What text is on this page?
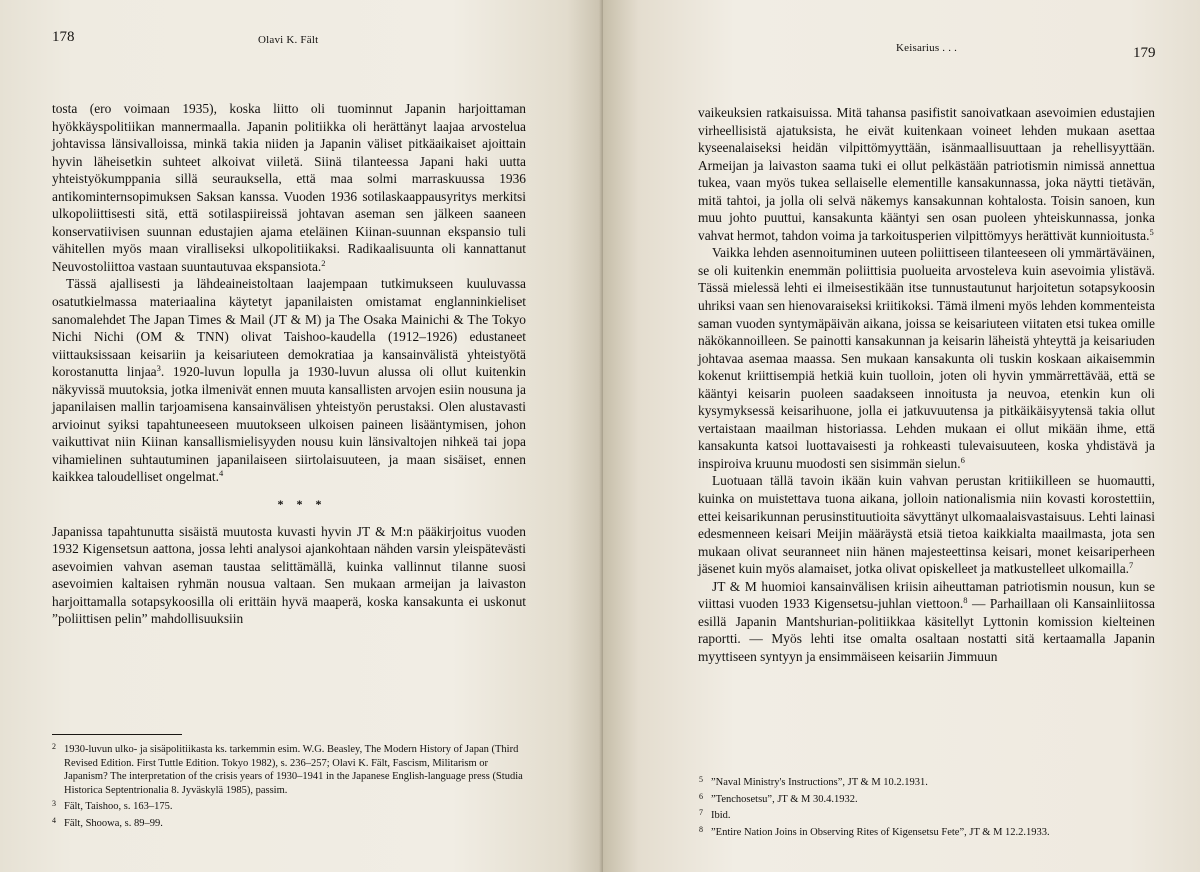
178	Olavi K. Fält

tosta (ero voimaan 1935), koska liitto oli tuominnut Japanin harjoittaman hyökkäyspolitiikan mannermaalla. Japanin politiikka oli herättänyt laajaa arvostelua johtavissa länsivalloissa, minkä takia niiden ja Japanin väliset pitkäaikaiset ajoittain hyvin läheisetkin suhteet alkoivat viiletä. Siinä tilanteessa Japani haki uutta yhteistyökumppania sillä seurauksella, että maa solmi marraskuussa 1936 antikominternsopimuksen Saksan kanssa. Vuoden 1936 sotilaskaappausyritys merkitsi ulkopoliittisesti sitä, että sotilaspiireissä johtavan aseman sen jälkeen saaneen konservatiivisen suunnan edustajien ajama eteläinen Kiinan-suunnan ekspansio tuli vähitellen myös maan viralliseksi ulkopolitiikaksi. Radikaalisuunta oli kannattanut Neuvostoliittoa vastaan suuntautuvaa ekspansiota.$^2$

Tässä ajallisesti ja lähdeaineistoltaan laajempaan tutkimukseen kuuluvassa osatutkielmassa materiaalina käytetyt japanilaisten omistamat englanninkieliset sanomalehdet The Japan Times & Mail (JT & M) ja The Osaka Mainichi & The Tokyo Nichi Nichi (OM & TNN) olivat Taishoo-kaudella (1912–1926) edustaneet viittauksissaan keisariin ja keisariuteen demokratiaa ja kansainvälistä yhteistyötä korostanutta linjaa$^3$. 1920-luvun lopulla ja 1930-luvun alussa oli ollut kuitenkin näkyvissä muutoksia, jotka ilmenivät ennen muuta kansallisten arvojen esiin nousuna ja japanilaisen mallin tarjoamisena kansainvälisen yhteistyön perustaksi. Olen alustavasti arvioinut syiksi tapahtuneeseen muutokseen ulkoisen paineen lisääntymisen, johon vaikuttivat niin Kiinan kansallismielisyyden nousu kuin länsivaltojen nihkeä tai jopa vihamielinen suhtautuminen japanilaiseen siirtolaisuuteen, ja maan sisäiset, ennen kaikkea taloudelliset ongelmat.$^4$

* * *

Japanissa tapahtunutta sisäistä muutosta kuvasti hyvin JT & M:n pääkirjoitus vuoden 1932 Kigensetsun aattona, jossa lehti analysoi ajankohtaan nähden varsin yleispätevästi asevoimien vahvan aseman taustaa selittämällä, kuinka vallinnut tilanne suosi asevoimien kaltaisen ryhmän nousua valtaan. Sen mukaan armeijan ja laivaston harjoittamalla sotapsykoosilla oli erittäin hyvä maaperä, koska kansakunta ei uskonut ”poliittisen pelin” mahdollisuuksiin

2 1930-luvun ulko- ja sisäpolitiikasta ks. tarkemmin esim. W.G. Beasley, The Modern History of Japan (Third Revised Edition. First Tuttle Edition. Tokyo 1982), s. 236–257; Olavi K. Fält, Fascism, Militarism or Japanism? The interpretation of the crisis years of 1930–1941 in the Japanese English-language press (Studia Historica Septentrionalia 8. Jyväskylä 1985), passim.

3 Fält, Taishoo, s. 163–175.

4 Fält, Shoowa, s. 89–99.

Keisarius . . .	179

vaikeuksien ratkaisuissa. Mitä tahansa pasifistit sanoivatkaan asevoimien edustajien virheellisistä ajatuksista, he eivät kuitenkaan voineet lehden mukaan asettaa kyseenalaiseksi heidän vilpittömyyttään, isänmaallisuuttaan ja rehellisyyttään. Armeijan ja laivaston saama tuki ei ollut pelkästään patriotismin nimissä annettua tukea, vaan myös tukea sellaiselle elementille kansakunnassa, joka näytti tietävän, mitä tahtoi, ja jolla oli selvä näkemys kansakunnan kohtalosta. Toisin sanoen, kun muu johto puuttui, kansakunta kääntyi sen osan puoleen yhteiskunnassa, jonka vahvat hermot, tahdon voima ja tarkoitusperien vilpittömyys herättivät kunnioitusta.$^5$

Vaikka lehden asennoituminen uuteen poliittiseen tilanteeseen oli ymmärtäväinen, se oli kuitenkin enemmän poliittisia puolueita arvosteleva kuin asevoimia ylistävä. Tässä mielessä lehti ei ilmeisestikään itse tunnustautunut harjoitetun sotapsykoosin uhriksi vaan sen hienovaraiseksi kriitikoksi. Tämä ilmeni myös lehden kommenteista saman vuoden syntymäpäivän aikana, joissa se keisariuteen viitaten etsi tukea omille näkökannoilleen. Se painotti kansakunnan ja keisarin läheistä yhteyttä ja keisariuden johtavaa asemaa maassa. Sen mukaan kansakunta oli tuskin koskaan aikaisemmin kokenut kriittisempiä hetkiä kuin tuolloin, joten oli hyvin ymmärrettävää, että se kääntyi keisarin puoleen saadakseen innoitusta ja neuvoa, etenkin kun oli kysymyksessä keisarihuone, jolla ei jatkuvuutensa ja pitkäikäisyytensä takia ollut vertaistaan maailman historiassa. Lehden mukaan ei ollut mikään ihme, että kansakunta katsoi luottavaisesti ja rohkeasti tulevaisuuteen, koska yhdistävä ja inspiroiva kruunu muodosti sen sisimmän sielun.$^6$

Luotuaan tällä tavoin ikään kuin vahvan perustan kritiikilleen se huomautti, kuinka on muistettava tuona aikana, jolloin nationalismia niin kovasti korostettiin, ettei keisarikunnan perusinstituutioita sävyttänyt ulkomaalaisvastaisuus. Lehti lainasi edesmenneen keisari Meijin määräystä etsiä tietoa kaikkialta maailmasta, jota sen mukaan olivat seuranneet niin hänen majesteettinsa keisari, monet keisariperheen jäsenet kuin myös alamaiset, jotka olivat opiskelleet ja matkustelleet ulkomailla.$^7$

JT & M huomioi kansainvälisen kriisin aiheuttaman patriotismin nousun, kun se viittasi vuoden 1933 Kigensetsu-juhlan viettoon.$^8$ — Parhaillaan oli Kansainliitossa esillä Japanin Mantshurian-politiikkaa käsitellyt Lyttonin komission kielteinen raportti. — Myös lehti itse omalta osaltaan nostatti sitä kertaamalla Japanin myyttiseen syntyyn ja ensimmäiseen keisariin Jimmuun

5 ”Naval Ministry's Instructions”, JT & M 10.2.1931.

6 ”Tenchosetsu”, JT & M 30.4.1932.

7 Ibid.

8 ”Entire Nation Joins in Observing Rites of Kigensetsu Fete”, JT & M 12.2.1933.
